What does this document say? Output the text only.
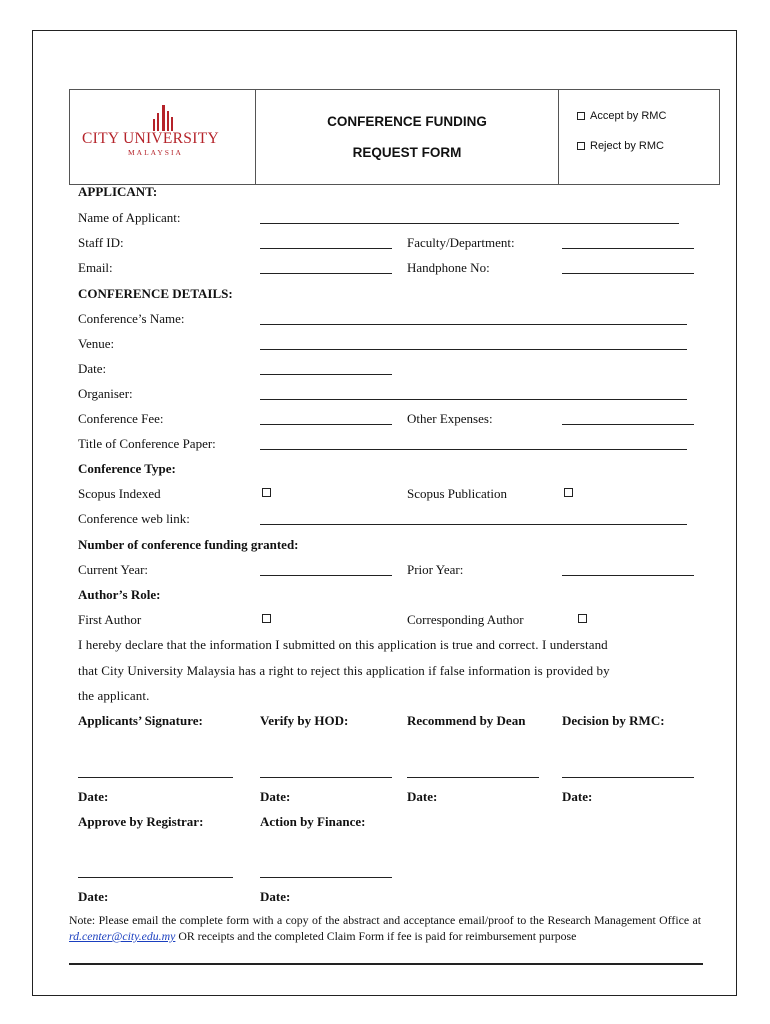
CITY UNIVERSITY
MALAYSIA
CONFERENCE FUNDING
REQUEST FORM
Accept by RMC
Reject by RMC
APPLICANT:
Name of Applicant:
Staff ID:	Faculty/Department:
Email:	Handphone No:
CONFERENCE DETAILS:
Conference’s Name:
Venue:
Date:
Organiser:
Conference Fee:	Other Expenses:
Title of Conference Paper:
Conference Type:
Scopus Indexed	Scopus Publication
Conference web link:
Number of conference funding granted:
Current Year:	Prior Year:
Author’s Role:
First Author	Corresponding Author
I hereby declare that the information I submitted on this application is true and correct. I understand
that City University Malaysia has a right to reject this application if false information is provided by
the applicant.
Applicants’ Signature:	Verify by HOD:	Recommend by Dean	Decision by RMC:
Date:	Date:	Date:	Date:
Approve by Registrar:	Action by Finance:
Date:	Date:
Note: Please email the complete form with a copy of the abstract and acceptance email/proof to the Research Management Office at rd.center@city.edu.my OR receipts and the completed Claim Form if fee is paid for reimbursement purpose
